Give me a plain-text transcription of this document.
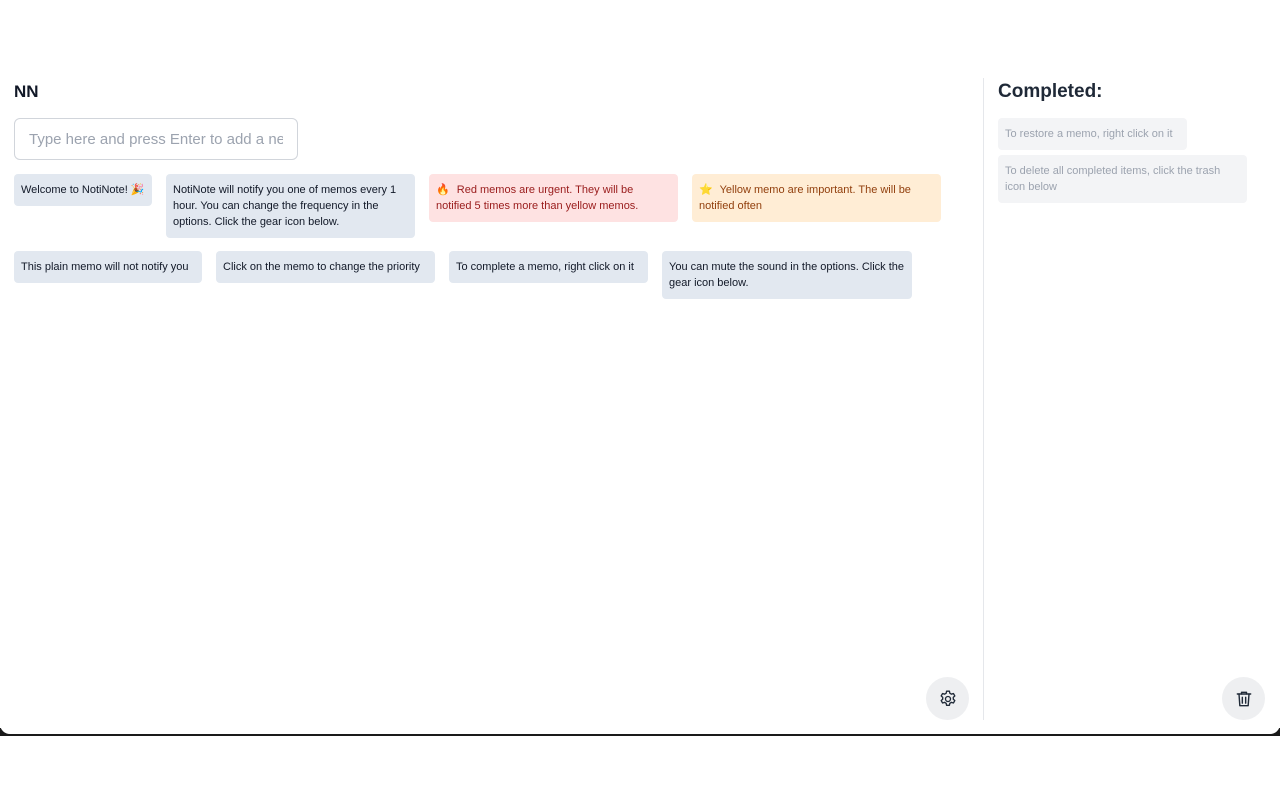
NN
Type here and press Enter to add a new memo
Welcome to NotiNote! 🎉	NotiNote will notify you one of memos every 1 hour. You can change the frequency in the options. Click the gear icon below.
🔥 Red memos are urgent. They will be notified 5 times more than yellow memos.
⭐ Yellow memo are important. The will be notified often
This plain memo will not notify you	Click on the memo to change the priority	To complete a memo, right click on it	You can mute the sound in the options. Click the gear icon below.
Completed:
To restore a memo, right click on it
To delete all completed items, click the trash icon below
